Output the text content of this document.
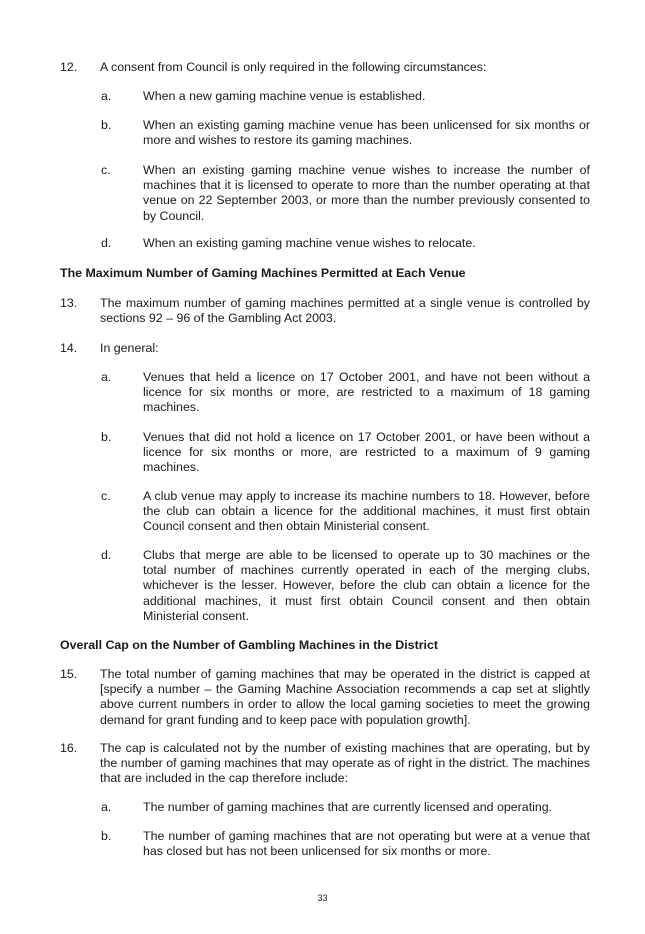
12.	A consent from Council is only required in the following circumstances:
a.	When a new gaming machine venue is established.
b.	When an existing gaming machine venue has been unlicensed for six months or more and wishes to restore its gaming machines.
c.	When an existing gaming machine venue wishes to increase the number of machines that it is licensed to operate to more than the number operating at that venue on 22 September 2003, or more than the number previously consented to by Council.
d.	When an existing gaming machine venue wishes to relocate.
The Maximum Number of Gaming Machines Permitted at Each Venue
13.	The maximum number of gaming machines permitted at a single venue is controlled by sections 92 – 96 of the Gambling Act 2003.
14.	In general:
a.	Venues that held a licence on 17 October 2001, and have not been without a licence for six months or more, are restricted to a maximum of 18 gaming machines.
b.	Venues that did not hold a licence on 17 October 2001, or have been without a licence for six months or more, are restricted to a maximum of 9 gaming machines.
c.	A club venue may apply to increase its machine numbers to 18. However, before the club can obtain a licence for the additional machines, it must first obtain Council consent and then obtain Ministerial consent.
d.	Clubs that merge are able to be licensed to operate up to 30 machines or the total number of machines currently operated in each of the merging clubs, whichever is the lesser. However, before the club can obtain a licence for the additional machines, it must first obtain Council consent and then obtain Ministerial consent.
Overall Cap on the Number of Gambling Machines in the District
15.	The total number of gaming machines that may be operated in the district is capped at [specify a number – the Gaming Machine Association recommends a cap set at slightly above current numbers in order to allow the local gaming societies to meet the growing demand for grant funding and to keep pace with population growth].
16.	The cap is calculated not by the number of existing machines that are operating, but by the number of gaming machines that may operate as of right in the district. The machines that are included in the cap therefore include:
a.	The number of gaming machines that are currently licensed and operating.
b.	The number of gaming machines that are not operating but were at a venue that has closed but has not been unlicensed for six months or more.
33
